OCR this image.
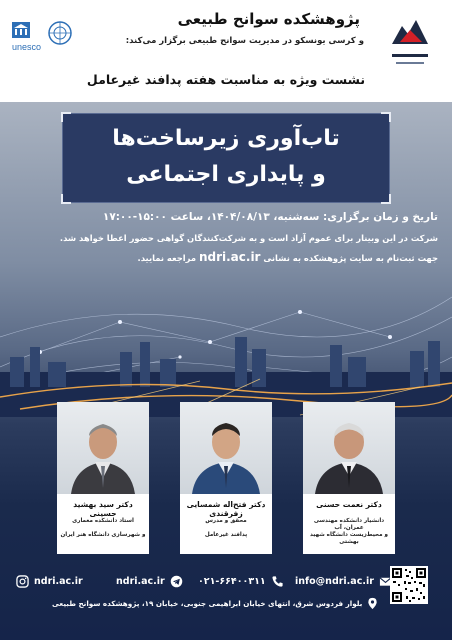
unesco
پژوهشکده سوانح طبیعی
و کرسی یونسکو در مدیریت سوانح طبیعی برگزار می‌کند:
نشست ویژه به مناسبت هفته پدافند غیرعامل
تاب‌آوری زیرساخت‌ها
و پایداری اجتماعی
تاریخ و زمان برگزاری: سه‌شنبه، ۱۴۰۴/۰۸/۱۳، ساعت ۱۵:۰۰-۱۷:۰۰
شرکت در این وبینار برای عموم آزاد است و به شرکت‌کنندگان گواهی حضور اعطا خواهد شد.
جهت ثبت‌نام به سایت پژوهشکده به نشانی ndri.ac.ir مراجعه نمایید.
دکتر سید بهشید حسینی
استاد دانشکده معماری
و شهرسازی دانشگاه هنر ایران
دکتر فتح‌اله شمسایی زفرقندی
محقق و مدرس
پدافند غیرعامل
دکتر نعمت حسنی
دانشیار دانشکده مهندسی عمران، آب
و محیط‌زیست دانشگاه شهید بهشتی
ndri.ac.ir	ndri.ac.ir	۰۲۱-۶۶۴۰۰۳۱۱	info@ndri.ac.ir
بلوار فردوس شرق، انتهای خیابان ابراهیمی جنوبی، خیابان ۱۹، پژوهشکده سوانح طبیعی
